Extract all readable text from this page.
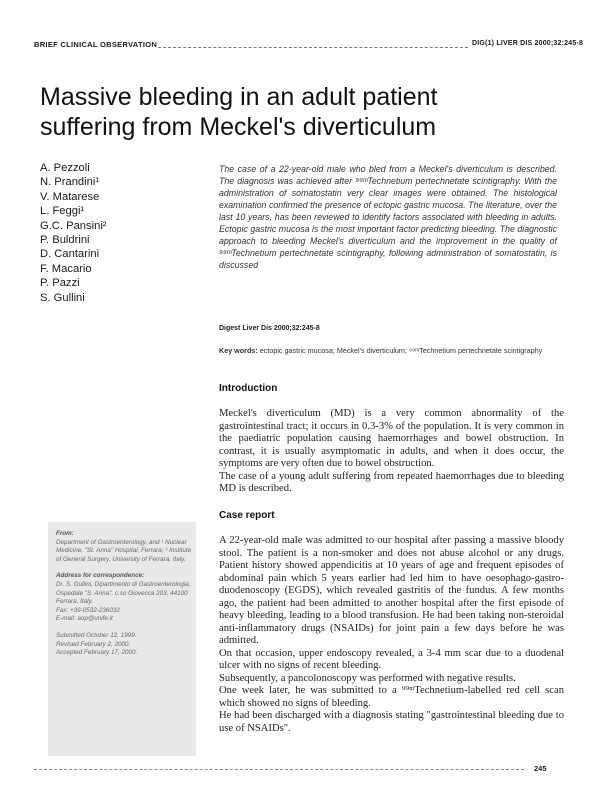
BRIEF CLINICAL OBSERVATION	DIG(1) LIVER DIS 2000;32:245-8
Massive bleeding in an adult patient
suffering from Meckel's diverticulum
A. Pezzoli
N. Prandini¹
V. Matarese
L. Feggi¹
G.C. Pansini²
P. Buldrini
D. Cantarini
F. Macario
P. Pazzi
S. Gullini
The case of a 22-year-old male who bled from a Meckel's diverticulum is described. The diagnosis was achieved after ⁹⁹ᵐTechnetium pertechnetate scintigraphy. With the administration of somatostatin very clear images were obtained. The histological examination confirmed the presence of ectopic gastric mucosa. The literature, over the last 10 years, has been reviewed to identify factors associated with bleeding in adults. Ectopic gastric mucosa is the most important factor predicting bleeding. The diagnostic approach to bleeding Meckel's diverticulum and the improvement in the quality of ⁹⁹ᵐTechnetium pertechnetate scintigraphy, following administration of somatostatin, is discussed
Digest Liver Dis 2000;32:245-8
Key words: ectopic gastric mucosa; Meckel's diverticulum; ⁹⁹ᵐTechnetium pertechnetate scintigraphy
Introduction

Meckel's diverticulum (MD) is a very common abnormality of the gastrointestinal tract; it occurs in 0.3-3% of the population. It is very common in the paediatric population causing haemorrhages and bowel obstruction. In contrast, it is usually asymptomatic in adults, and when it does occur, the symptoms are very often due to bowel obstruction.

The case of a young adult suffering from repeated haemorrhages due to bleeding MD is described.

Case report

A 22-year-old male was admitted to our hospital after passing a massive bloody stool. The patient is a non-smoker and does not abuse alcohol or any drugs. Patient history showed appendicitis at 10 years of age and frequent episodes of abdominal pain which 5 years earlier had led him to have oesophago-gastro-duodenoscopy (EGDS), which revealed gastritis of the fundus. A few months ago, the patient had been admitted to another hospital after the first episode of heavy bleeding, leading to a blood transfusion. He had been taking non-steroidal anti-inflammatory drugs (NSAIDs) for joint pain a few days before he was admitted.

On that occasion, upper endoscopy revealed, a 3-4 mm scar due to a duodenal ulcer with no signs of recent bleeding.

Subsequently, a pancolonoscopy was performed with negative results.

One week later, he was submitted to a ⁹⁹ᵐTechnetium-labelled red cell scan which showed no signs of bleeding.

He had been discharged with a diagnosis stating "gastrointestinal bleeding due to use of NSAIDs".

From:
Department of Gastroenterology, and ¹ Nuclear Medicine, "St. Anna" Hospital, Ferrara; ² Institute of General Surgery, University of Ferrara, Italy.
Address for correspondence:
Dr. S. Gullini, Dipartimento di Gastroenterologia, Ospedale "S. Anna", c.so Giovecca 203, 44100 Ferrara, Italy.
Fax: +39-0532-236032
E-mail: aop@unife.it
Submitted October 12, 1999.
Revised February 2, 2000.
Accepted February 17, 2000.
245
